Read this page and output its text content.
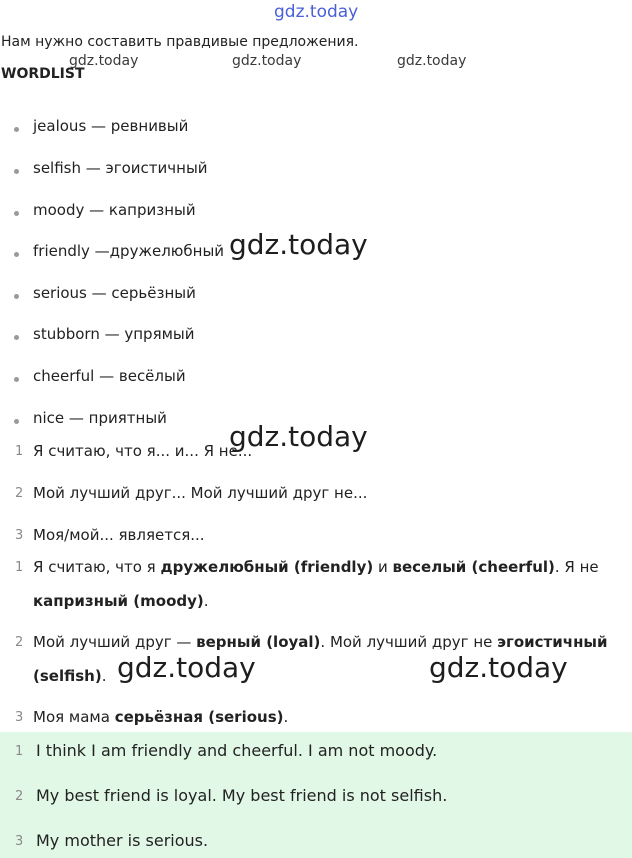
gdz.today
gdz.today	gdz.today	gdz.today
Нам нужно составить правдивые предложения.
WORDLIST
jealous — ревнивый
selfish — эгоистичный
moody — капризный
friendly —дружелюбный
serious — серьёзный
stubborn — упрямый
cheerful — весёлый
nice — приятный
gdz.today
1 Я считаю, что я... и... Я не...
2 Мой лучший друг... Мой лучший друг не...
3 Моя/мой... является...
gdz.today
1 Я считаю, что я дружелюбный (friendly) и веселый (cheerful). Я не
капризный (moody).
2 Мой лучший друг — верный (loyal). Мой лучший друг не эгоистичный
(selfish).
3 Моя мама серьёзная (serious).
gdz.today	gdz.today
1 I think I am friendly and cheerful. I am not moody.
2 My best friend is loyal. My best friend is not selfish.
3 My mother is serious.
